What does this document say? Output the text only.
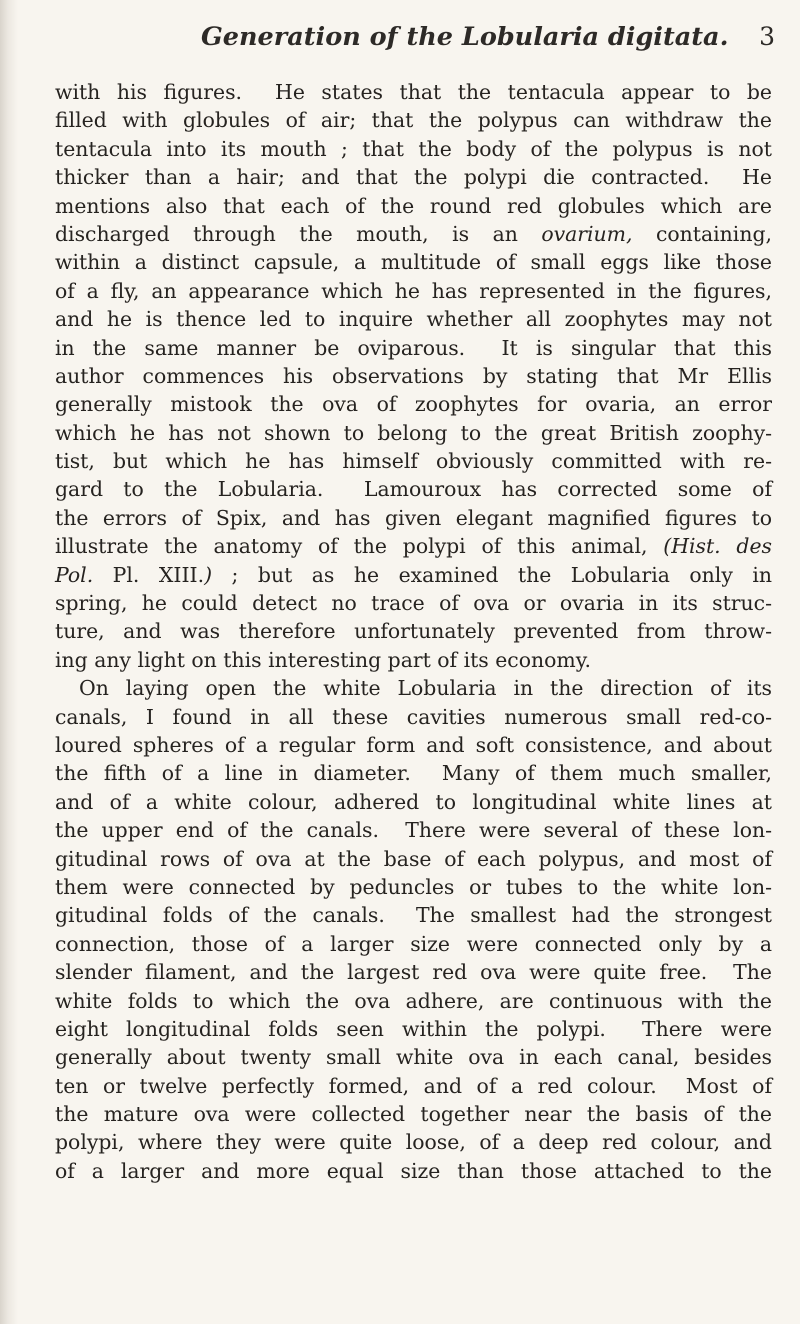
Generation of the Lobularia digitata. 3
with his figures.  He states that the tentacula appear to be
filled with globules of air; that the polypus can withdraw the
tentacula into its mouth ; that the body of the polypus is not
thicker than a hair; and that the polypi die contracted.  He
mentions also that each of the round red globules which are
discharged through the mouth, is an ovarium, containing,
within a distinct capsule, a multitude of small eggs like those
of a fly, an appearance which he has represented in the figures,
and he is thence led to inquire whether all zoophytes may not
in the same manner be oviparous.  It is singular that this
author commences his observations by stating that Mr Ellis
generally mistook the ova of zoophytes for ovaria, an error
which he has not shown to belong to the great British zoophy-
tist, but which he has himself obviously committed with re-
gard to the Lobularia.  Lamouroux has corrected some of
the errors of Spix, and has given elegant magnified figures to
illustrate the anatomy of the polypi of this animal, (Hist. des
Pol. Pl. XIII.) ; but as he examined the Lobularia only in
spring, he could detect no trace of ova or ovaria in its struc-
ture, and was therefore unfortunately prevented from throw-
ing any light on this interesting part of its economy.
On laying open the white Lobularia in the direction of its
canals, I found in all these cavities numerous small red-co-
loured spheres of a regular form and soft consistence, and about
the fifth of a line in diameter.  Many of them much smaller,
and of a white colour, adhered to longitudinal white lines at
the upper end of the canals.  There were several of these lon-
gitudinal rows of ova at the base of each polypus, and most of
them were connected by peduncles or tubes to the white lon-
gitudinal folds of the canals.  The smallest had the strongest
connection, those of a larger size were connected only by a
slender filament, and the largest red ova were quite free.  The
white folds to which the ova adhere, are continuous with the
eight longitudinal folds seen within the polypi.  There were
generally about twenty small white ova in each canal, besides
ten or twelve perfectly formed, and of a red colour.  Most of
the mature ova were collected together near the basis of the
polypi, where they were quite loose, of a deep red colour, and
of a larger and more equal size than those attached to the
